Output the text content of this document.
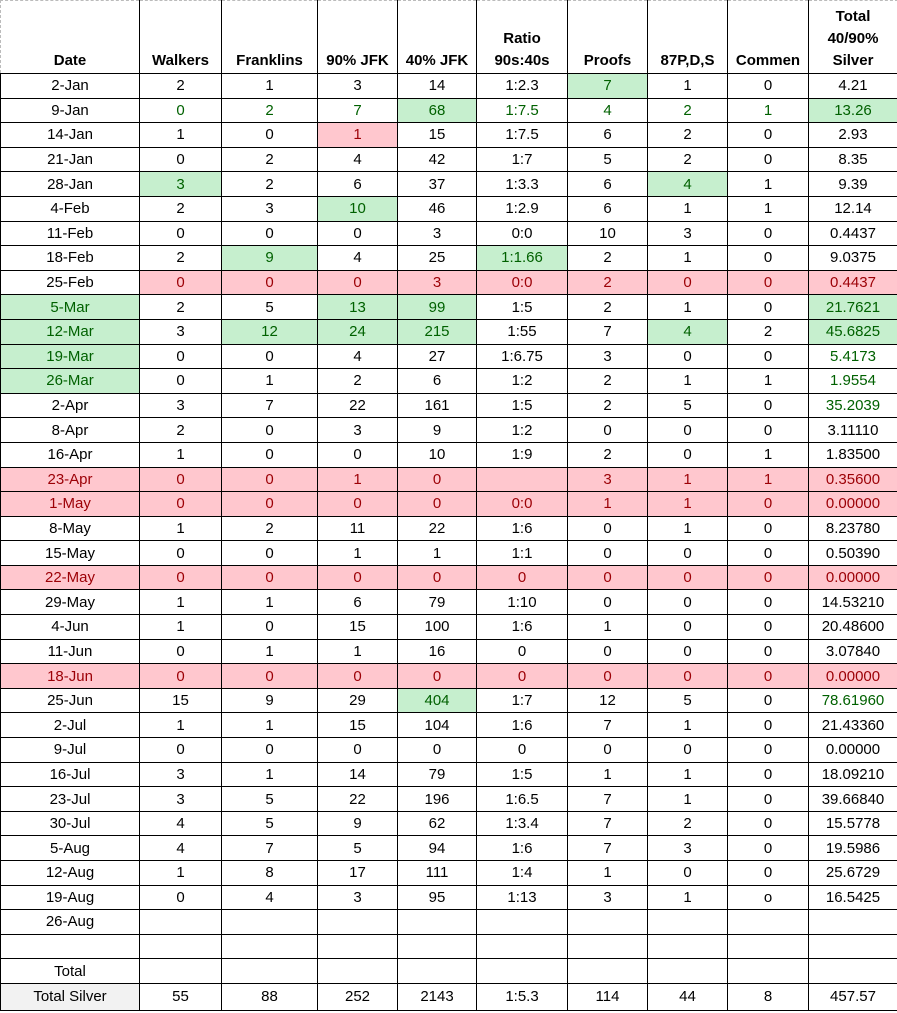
Date	Walkers	Franklins	90% JFK	40% JFK	Ratio 90s:40s	Proofs	87P,D,S	Commen	Total 40/90% Silver
2-Jan	2	1	3	14	1:2.3	7	1	0	4.21
9-Jan	0	2	7	68	1:7.5	4	2	1	13.26
14-Jan	1	0	1	15	1:7.5	6	2	0	2.93
21-Jan	0	2	4	42	1:7	5	2	0	8.35
28-Jan	3	2	6	37	1:3.3	6	4	1	9.39
4-Feb	2	3	10	46	1:2.9	6	1	1	12.14
11-Feb	0	0	0	3	0:0	10	3	0	0.4437
18-Feb	2	9	4	25	1:1.66	2	1	0	9.0375
25-Feb	0	0	0	3	0:0	2	0	0	0.4437
5-Mar	2	5	13	99	1:5	2	1	0	21.7621
12-Mar	3	12	24	215	1:55	7	4	2	45.6825
19-Mar	0	0	4	27	1:6.75	3	0	0	5.4173
26-Mar	0	1	2	6	1:2	2	1	1	1.9554
2-Apr	3	7	22	161	1:5	2	5	0	35.2039
8-Apr	2	0	3	9	1:2	0	0	0	3.11110
16-Apr	1	0	0	10	1:9	2	0	1	1.83500
23-Apr	0	0	1	0		3	1	1	0.35600
1-May	0	0	0	0	0:0	1	1	0	0.00000
8-May	1	2	11	22	1:6	0	1	0	8.23780
15-May	0	0	1	1	1:1	0	0	0	0.50390
22-May	0	0	0	0	0	0	0	0	0.00000
29-May	1	1	6	79	1:10	0	0	0	14.53210
4-Jun	1	0	15	100	1:6	1	0	0	20.48600
11-Jun	0	1	1	16	0	0	0	0	3.07840
18-Jun	0	0	0	0	0	0	0	0	0.00000
25-Jun	15	9	29	404	1:7	12	5	0	78.61960
2-Jul	1	1	15	104	1:6	7	1	0	21.43360
9-Jul	0	0	0	0	0	0	0	0	0.00000
16-Jul	3	1	14	79	1:5	1	1	0	18.09210
23-Jul	3	5	22	196	1:6.5	7	1	0	39.66840
30-Jul	4	5	9	62	1:3.4	7	2	0	15.5778
5-Aug	4	7	5	94	1:6	7	3	0	19.5986
12-Aug	1	8	17	111	1:4	1	0	0	25.6729
19-Aug	0	4	3	95	1:13	3	1	o	16.5425
26-Aug									

Total									
Total Silver	55	88	252	2143	1:5.3	114	44	8	457.57
